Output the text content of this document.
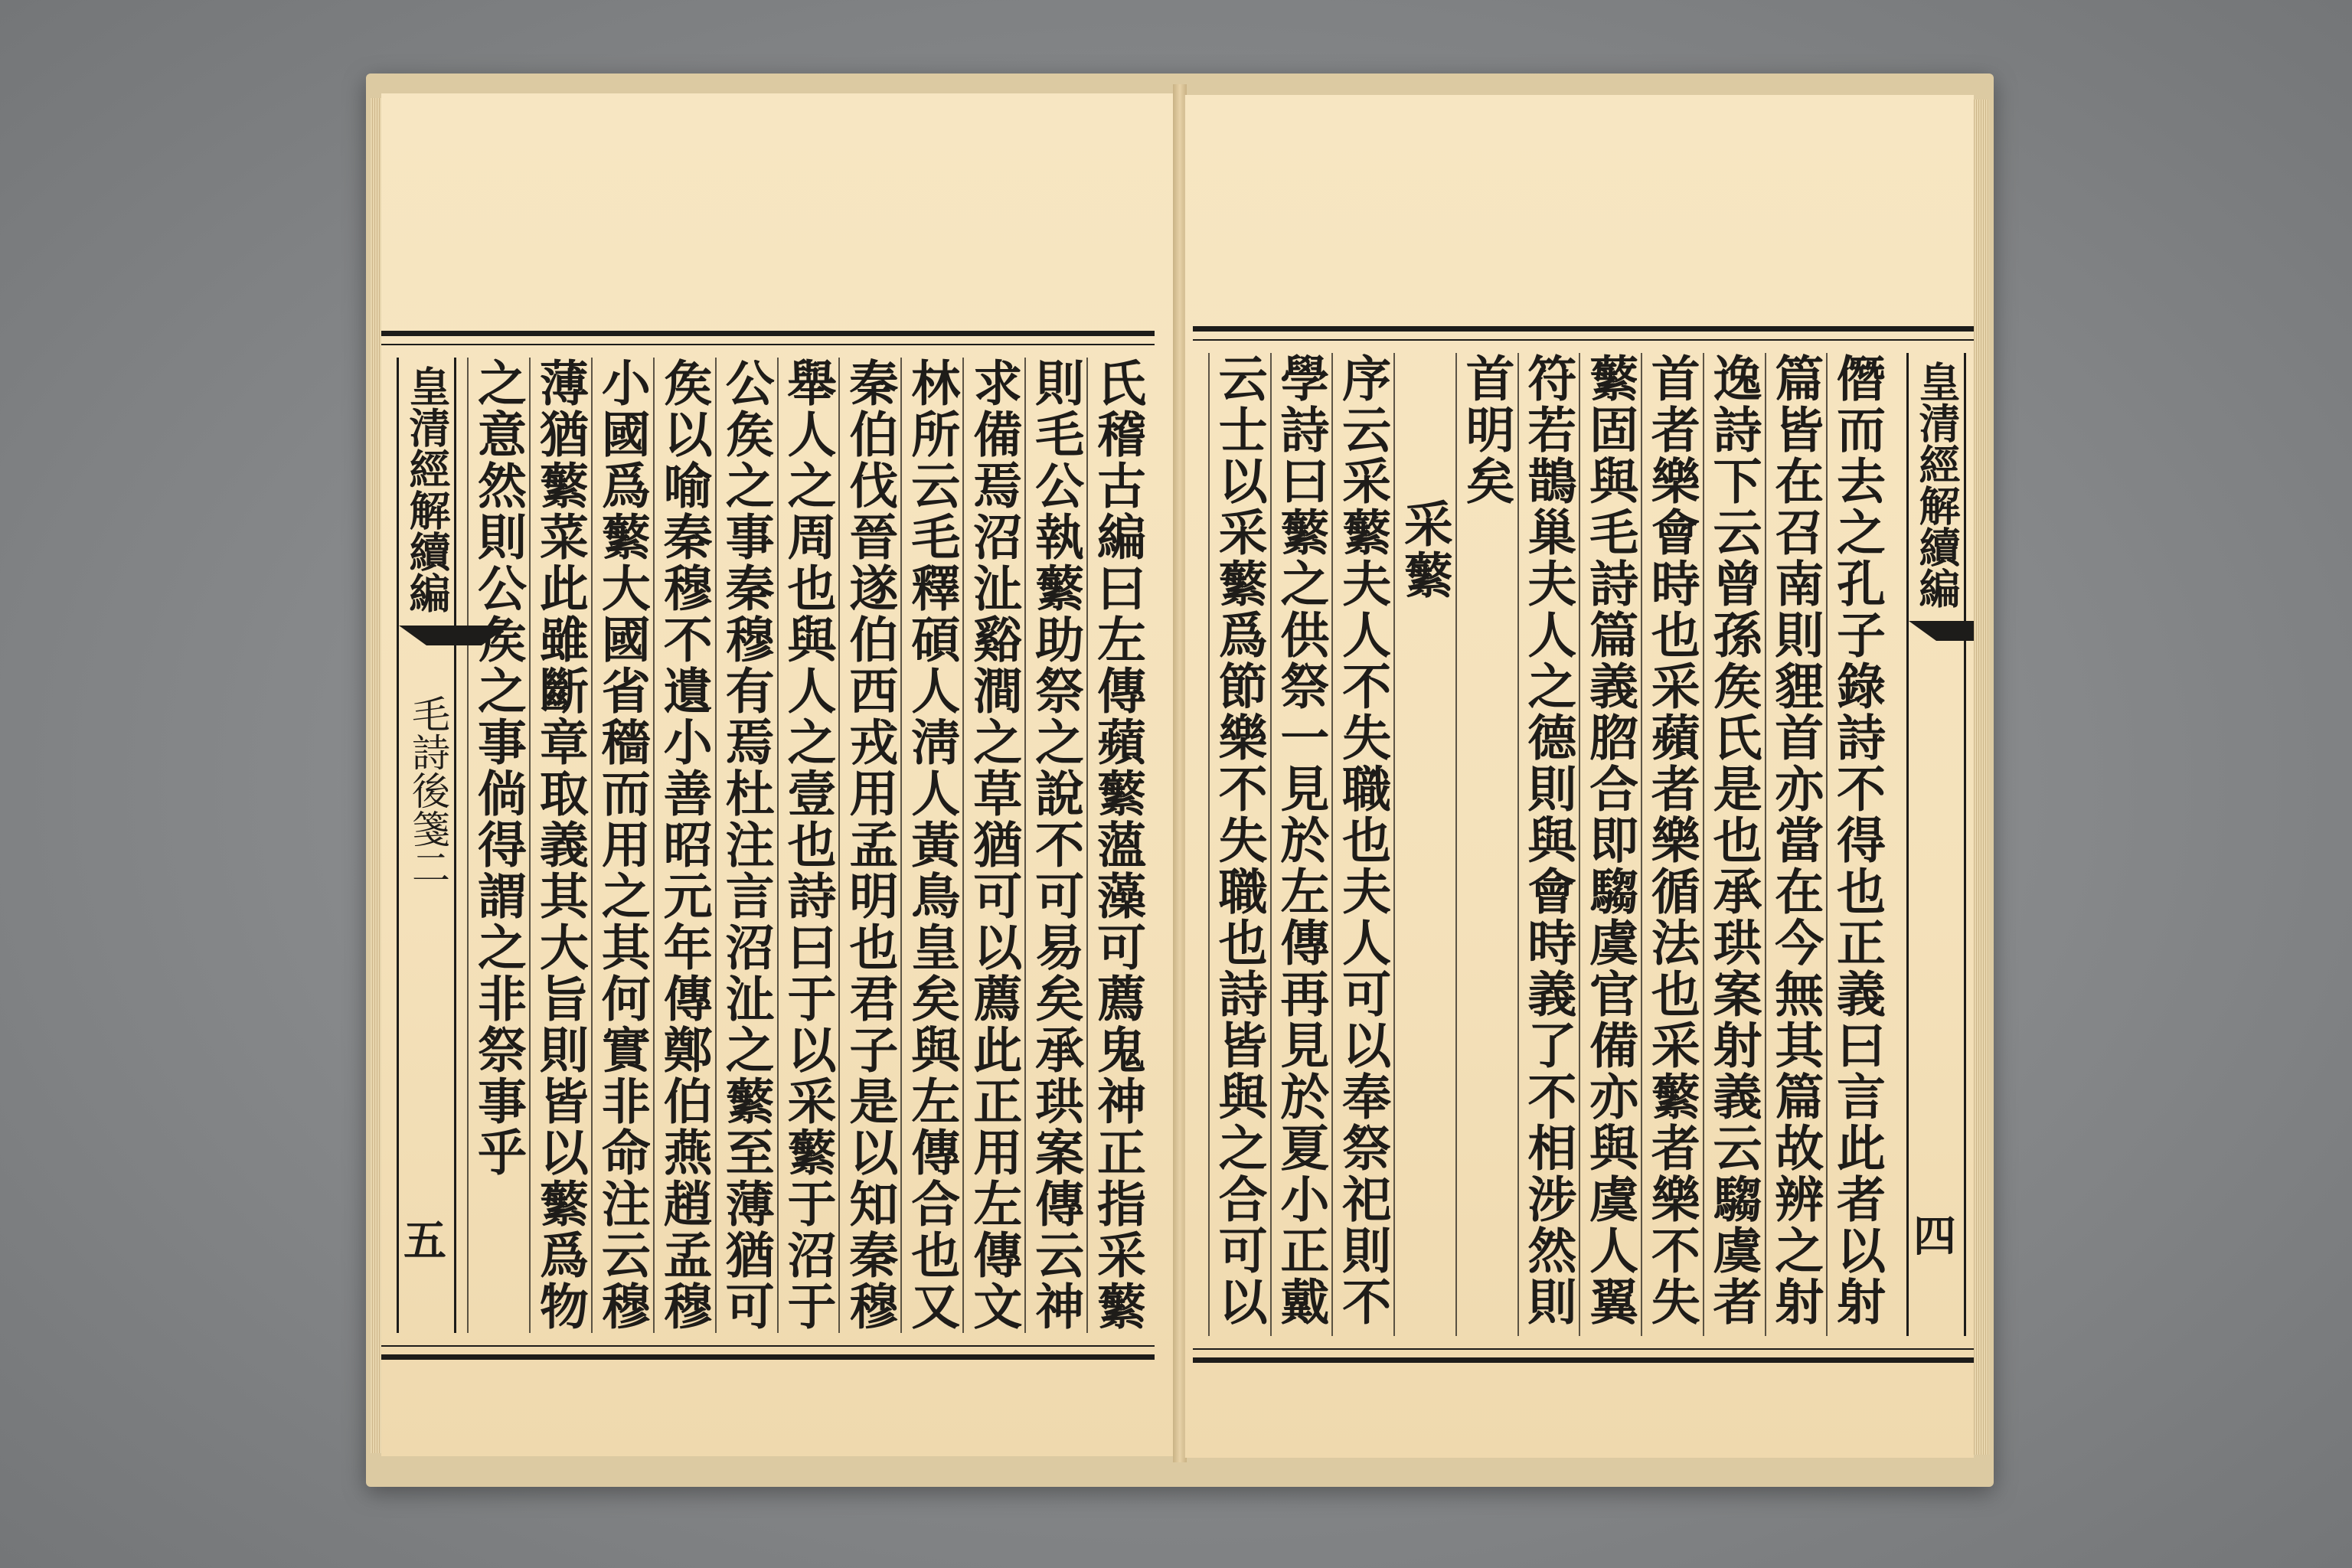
氏稽古編曰左傳蘋蘩薀藻可薦鬼神正指采蘩
則毛公執蘩助祭之說不可易矣承珙案傳云神
求備焉沼沚谿澗之草猶可以薦此正用左傳文
林所云毛釋碩人淸人黃鳥皇矣與左傳合也又
秦伯伐晉遂伯西戎用孟明也君子是以知秦穆
舉人之周也與人之壹也詩曰于以采蘩于沼于
公矦之事秦穆有焉杜注言沼沚之蘩至薄猶可
矦以喻秦穆不遺小善昭元年傳鄭伯燕趙孟穆
小國爲蘩大國省穡而用之其何實非命注云穆
薄猶蘩菜此雖斷章取義其大旨則皆以蘩爲物
之意然則公矦之事倘得謂之非祭事乎
皇清經解續編
毛詩後箋二
五
僭而去之孔子錄詩不得也正義曰言此者以射
篇皆在召南則貍首亦當在今無其篇故辨之射
逸詩下云曾孫矦氏是也承珙案射義云騶虞者
首者樂會時也采蘋者樂循法也采蘩者樂不失
蘩固與毛詩篇義脗合即騶虞官備亦與虞人翼
符若鵲巢夫人之德則與會時義了不相涉然則
首明矣
采蘩
序云采蘩夫人不失職也夫人可以奉祭祀則不
學詩曰蘩之供祭一見於左傳再見於夏小正戴
云士以采蘩爲節樂不失職也詩皆與之合可以
皇清經解續編
四
